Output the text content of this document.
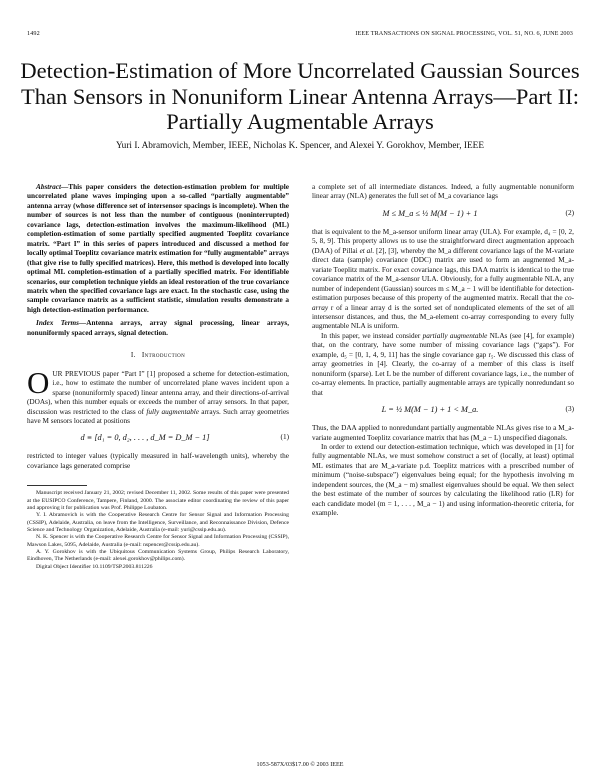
1492	IEEE TRANSACTIONS ON SIGNAL PROCESSING, VOL. 51, NO. 6, JUNE 2003
Detection-Estimation of More Uncorrelated Gaussian Sources Than Sensors in Nonuniform Linear Antenna Arrays—Part II: Partially Augmentable Arrays
Yuri I. Abramovich, Member, IEEE, Nicholas K. Spencer, and Alexei Y. Gorokhov, Member, IEEE

Abstract—This paper considers the detection-estimation problem for multiple uncorrelated plane waves impinging upon a so-called “partially augmentable” antenna array (whose difference set of intersensor spacings is incomplete). When the number of sources is not less than the number of contiguous (noninterrupted) covariance lags, detection-estimation involves the maximum-likelihood (ML) completion-estimation of some partially specified augmented Toeplitz covariance matrix. “Part I” in this series of papers introduced and discussed a method for locally optimal Toeplitz covariance matrix estimation for “fully augmentable” arrays (that give rise to fully specified matrices). Here, this method is developed into locally optimal ML completion-estimation of a partially specified matrix. For identifiable scenarios, our completion technique yields an ideal restoration of the true covariance matrix when the specified covariance lags are exact. In the stochastic case, using the sample covariance matrix as a sufficient statistic, simulation results demonstrate a high detection-estimation performance.

Index Terms—Antenna arrays, array signal processing, linear arrays, nonuniformly spaced arrays, signal detection.

I. Introduction

OUR PREVIOUS paper “Part I” [1] proposed a scheme for detection-estimation, i.e., how to estimate the number of uncorrelated plane waves incident upon a sparse (nonuniformly spaced) linear antenna array, and their directions-of-arrival (DOAs), when this number equals or exceeds the number of array sensors. In that paper, discussion was restricted to the class of fully augmentable arrays. Such array geometries have M sensors located at positions

d ≡ [d₁ = 0, d₂, . . . , d_M = D_M − 1]	(1)

restricted to integer values (typically measured in half-wavelength units), whereby the covariance lags generated comprise

Manuscript received January 21, 2002; revised December 11, 2002. Some results of this paper were presented at the EUSIPCO Conference, Tampere, Finland, 2000. The associate editor coordinating the review of this paper and approving it for publication was Prof. Philippe Loubaton.

Y. I. Abramovich is with the Cooperative Research Centre for Sensor Signal and Information Processing (CSSIP), Adelaide, Australia, on leave from the Intelligence, Surveillance, and Reconnaissance Division, Defence Science and Technology Organization, Adelaide, Australia (e-mail: yuri@cssip.edu.au).

N. K. Spencer is with the Cooperative Research Centre for Sensor Signal and Information Processing (CSSIP), Mawson Lakes, 5095, Adelaide, Australia (e-mail: nspencer@cssip.edu.au).

A. Y. Gorokhov is with the Ubiquitous Communication Systems Group, Philips Research Laboratory, Eindhoven, The Netherlands (e-mail: alexei.gorokhov@philips.com).

Digital Object Identifier 10.1109/TSP.2003.811226

a complete set of all intermediate distances. Indeed, a fully augmentable nonuniform linear array (NLA) generates the full set of M_a covariance lags

M ≤ M_a ≤ ½ M(M − 1) + 1	(2)

that is equivalent to the M_a-sensor uniform linear array (ULA). For example, d₄ = [0, 2, 5, 8, 9]. This property allows us to use the straightforward direct augmentation approach (DAA) of Pillai et al. [2], [3], whereby the M_a different covariance lags of the M-variate direct data (sample) covariance (DDC) matrix are used to form an augmented M_a-variate Toeplitz matrix. For exact covariance lags, this DAA matrix is identical to the true covariance matrix of the M_a-sensor ULA. Obviously, for a fully augmentable NLA, any number of independent (Gaussian) sources m ≤ M_a − 1 will be identifiable for detection-estimation purposes because of this property of the augmented matrix. Recall that the co-array r of a linear array d is the sorted set of nonduplicated elements of the set of all intersensor distances, and thus, the M_a-element co-array corresponding to every fully augmentable NLA is uniform.

In this paper, we instead consider partially augmentable NLAs (see [4], for example) that, on the contrary, have some number of missing covariance lags (“gaps”). For example, d₅ = [0, 1, 4, 9, 11] has the single covariance gap r₅. We discussed this class of array geometries in [4]. Clearly, the co-array of a member of this class is itself nonuniform (sparse). Let L be the number of different covariance lags, i.e., the number of co-array elements. In practice, partially augmentable arrays are typically nonredundant so that

L = ½ M(M − 1) + 1 < M_a.	(3)

Thus, the DAA applied to nonredundant partially augmentable NLAs gives rise to a M_a-variate augmented Toeplitz covariance matrix that has (M_a − L) unspecified diagonals.

In order to extend our detection-estimation technique, which was developed in [1] for fully augmentable NLAs, we must somehow construct a set of (locally, at least) optimal ML estimates that are M_a-variate p.d. Toeplitz matrices with a prescribed number of minimum (“noise-subspace”) eigenvalues being equal; for the hypothesis involving m independent sources, the (M_a − m) smallest eigenvalues should be equal. We then select the best estimate of the number of sources by calculating the likelihood ratio (LR) for each candidate model (m = 1, . . . , M_a − 1) and using information-theoretic criteria, for example.

1053-587X/03$17.00 © 2003 IEEE
